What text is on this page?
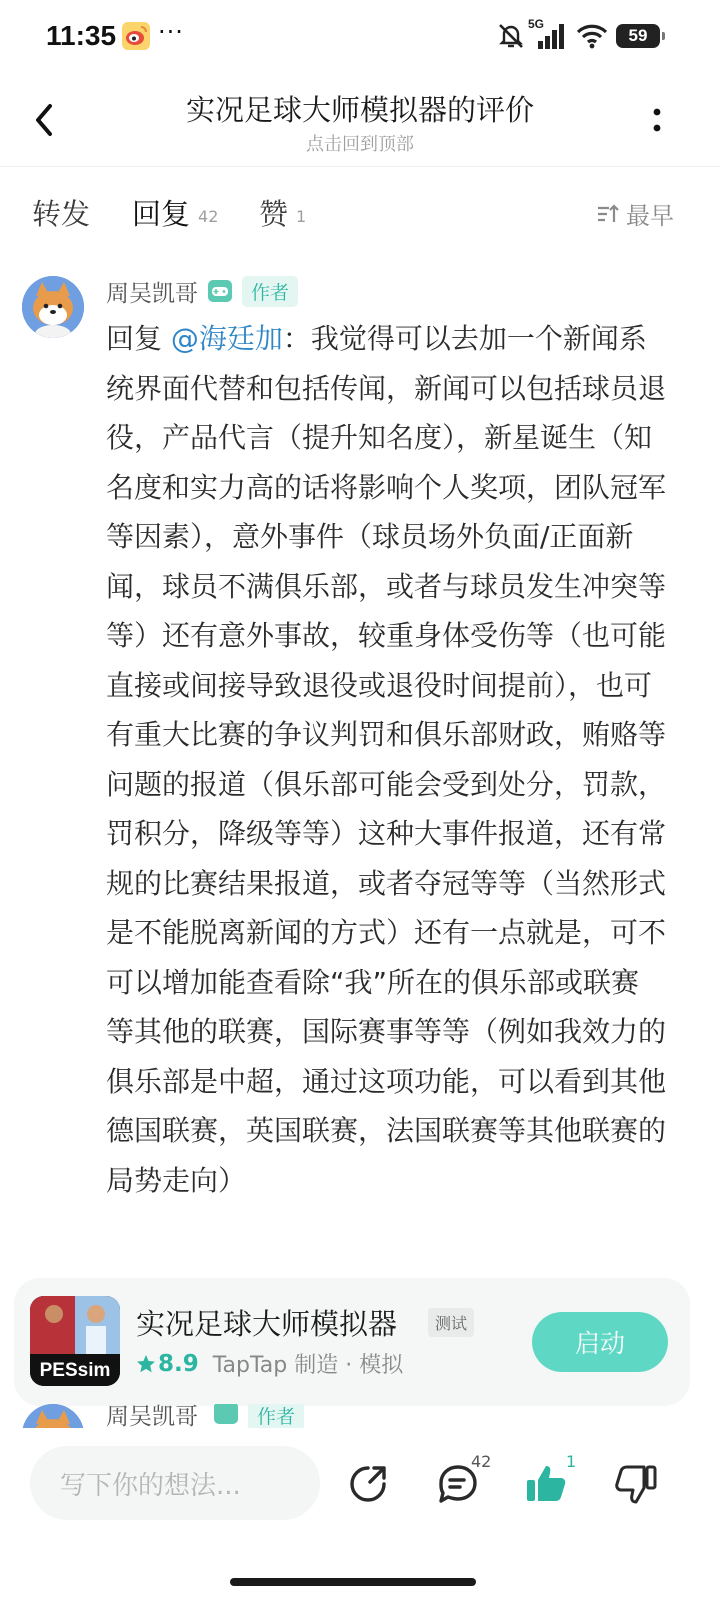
11:35 ···	5G
59
实况足球大师模拟器的评价
点击回到顶部
转发 回复 42 赞 1	最早
周吴凯哥	作者
回复 @海廷加：我觉得可以去加一个新闻系统界面代替和包括传闻，新闻可以包括球员退役，产品代言（提升知名度），新星诞生（知名度和实力高的话将影响个人奖项，团队冠军等因素），意外事件（球员场外负面/正面新闻，球员不满俱乐部，或者与球员发生冲突等等）还有意外事故，较重身体受伤等（也可能直接或间接导致退役或退役时间提前），也可有重大比赛的争议判罚和俱乐部财政，贿赂等问题的报道（俱乐部可能会受到处分，罚款，罚积分，降级等等）这种大事件报道，还有常规的比赛结果报道，或者夺冠等等（当然形式是不能脱离新闻的方式）还有一点就是，可不可以增加能查看除“我”所在的俱乐部或联赛等其他的联赛，国际赛事等等（例如我效力的俱乐部是中超，通过这项功能，可以看到其他德国联赛，英国联赛，法国联赛等其他联赛的局势走向）
PESsim
实况足球大师模拟器	测试
8.9 TapTap 制造 · 模拟
启动
周吴凯哥	作者
写下你的想法...
42	1
